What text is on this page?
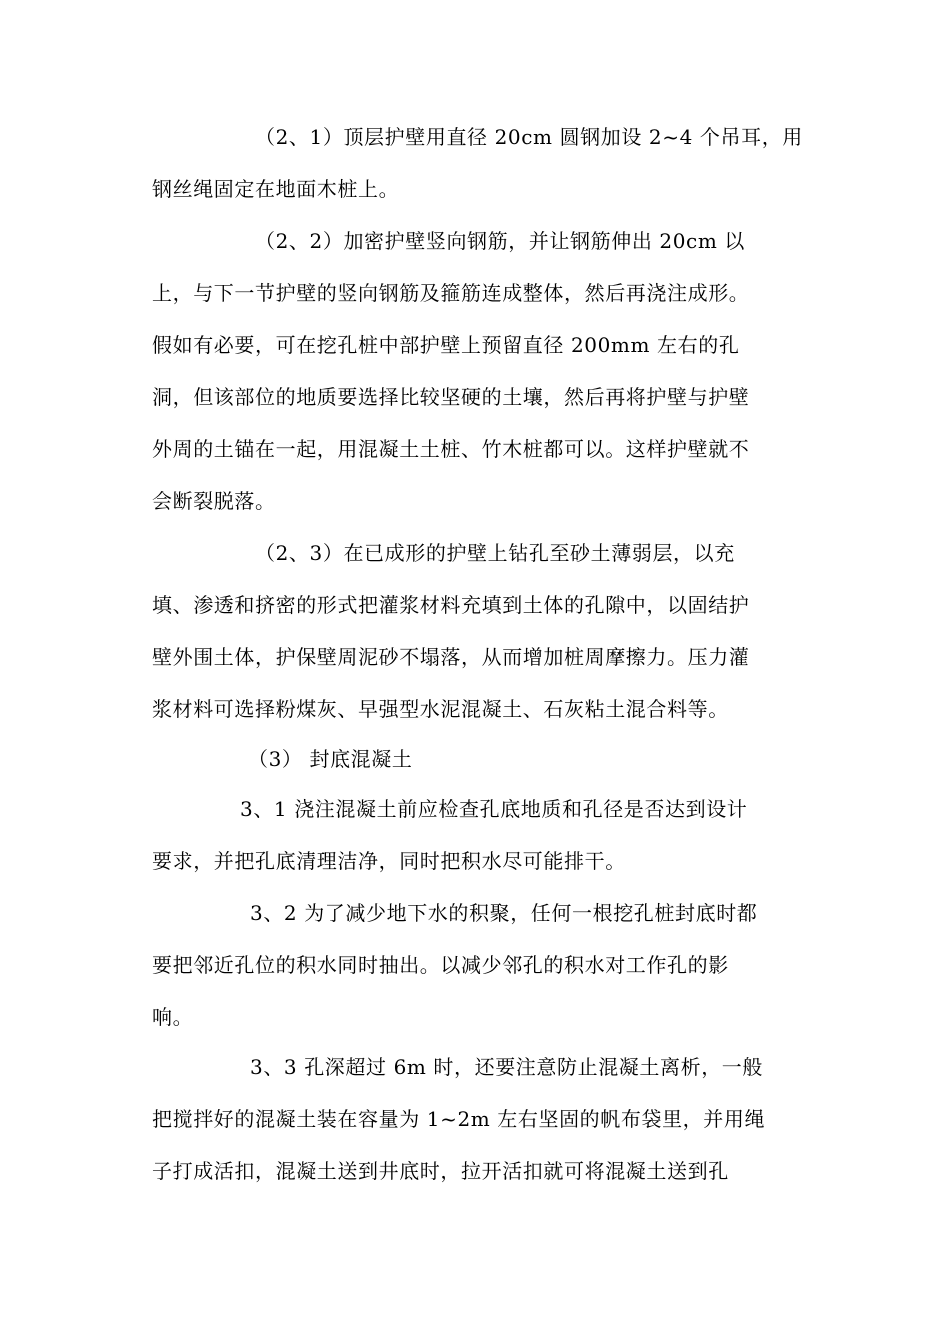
（2、1）顶层护壁用直径 20cm 圆钢加设 2~4 个吊耳，用
钢丝绳固定在地面木桩上。
（2、2）加密护壁竖向钢筋，并让钢筋伸出 20cm 以
上，与下一节护壁的竖向钢筋及箍筋连成整体，然后再浇注成形。
假如有必要，可在挖孔桩中部护壁上预留直径 200mm 左右的孔
洞，但该部位的地质要选择比较坚硬的土壤，然后再将护壁与护壁
外周的土锚在一起，用混凝土土桩、竹木桩都可以。这样护壁就不
会断裂脱落。
（2、3）在已成形的护壁上钻孔至砂土薄弱层，以充
填、渗透和挤密的形式把灌浆材料充填到土体的孔隙中，以固结护
壁外围土体，护保壁周泥砂不塌落，从而增加桩周摩擦力。压力灌
浆材料可选择粉煤灰、早强型水泥混凝土、石灰粘土混合料等。
（3） 封底混凝土
3、1 浇注混凝土前应检查孔底地质和孔径是否达到设计
要求，并把孔底清理洁净，同时把积水尽可能排干。
3、2 为了减少地下水的积聚，任何一根挖孔桩封底时都
要把邻近孔位的积水同时抽出。以减少邻孔的积水对工作孔的影
响。
3、3 孔深超过 6m 时，还要注意防止混凝土离析，一般
把搅拌好的混凝土装在容量为 1~2m 左右坚固的帆布袋里，并用绳
子打成活扣，混凝土送到井底时，拉开活扣就可将混凝土送到孔
